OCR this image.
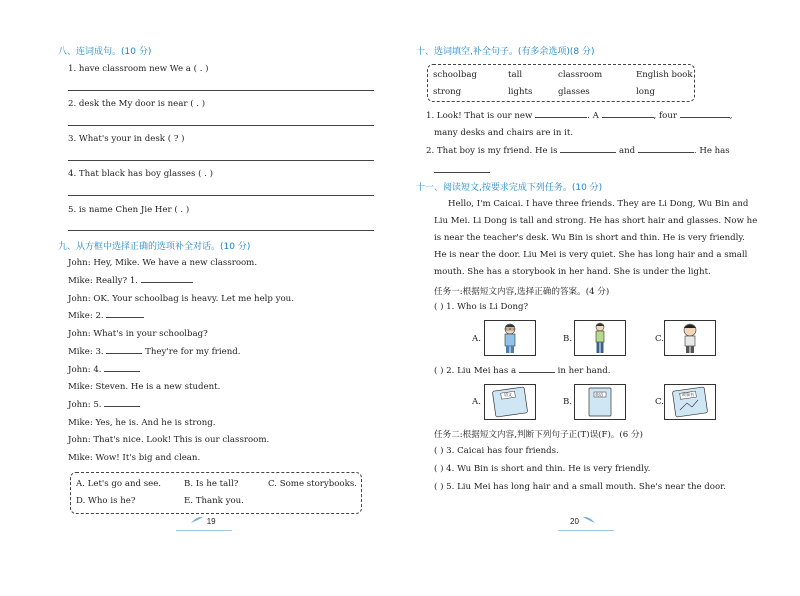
八、连词成句。(10 分)
1. have classroom new We a ( . )
2. desk the My door is near ( . )
3. What's your in desk ( ? )
4. That black has boy glasses ( . )
5. is name Chen Jie Her ( . )
九、从方框中选择正确的选项补全对话。(10 分)
John: Hey, Mike. We have a new classroom.
Mike: Really? 1.
John: OK. Your schoolbag is heavy. Let me help you.
Mike: 2.
John: What's in your schoolbag?
Mike: 3.	They're for my friend.
John: 4.
Mike: Steven. He is a new student.
John: 5.
Mike: Yes, he is. And he is strong.
John: That's nice. Look! This is our classroom.
Mike: Wow! It's big and clean.
A. Let's go and see.	B. Is he tall?	C. Some storybooks.
D. Who is he?	E. Thank you.
19
十、选词填空,补全句子。(有多余选项)(8 分)
schoolbag	tall	classroom	English book
strong	lights	glasses	long
1. Look! That is our new	. A	, four	,
many desks and chairs are in it.
2. That boy is my friend. He is	and	. He has
十一、阅读短文,按要求完成下列任务。(10 分)
Hello, I'm Caicai. I have three friends. They are Li Dong, Wu Bin and
Liu Mei. Li Dong is tall and strong. He has short hair and glasses. Now he
is near the teacher's desk. Wu Bin is short and thin. He is very friendly.
He is near the door. Liu Mei is very quiet. She has long hair and a small
mouth. She has a storybook in her hand. She is under the light.
任务一:根据短文内容,选择正确的答案。(4 分)
( ) 1. Who is Li Dong?
A.	B.	C.
( ) 2. Liu Mei has a	in her hand.
A.
语文
B.
英语
C.
故事书
任务二:根据短文内容,判断下列句子正(T)误(F)。(6 分)
( ) 3. Caicai has four friends.
( ) 4. Wu Bin is short and thin. He is very friendly.
( ) 5. Liu Mei has long hair and a small mouth. She's near the door.
20
